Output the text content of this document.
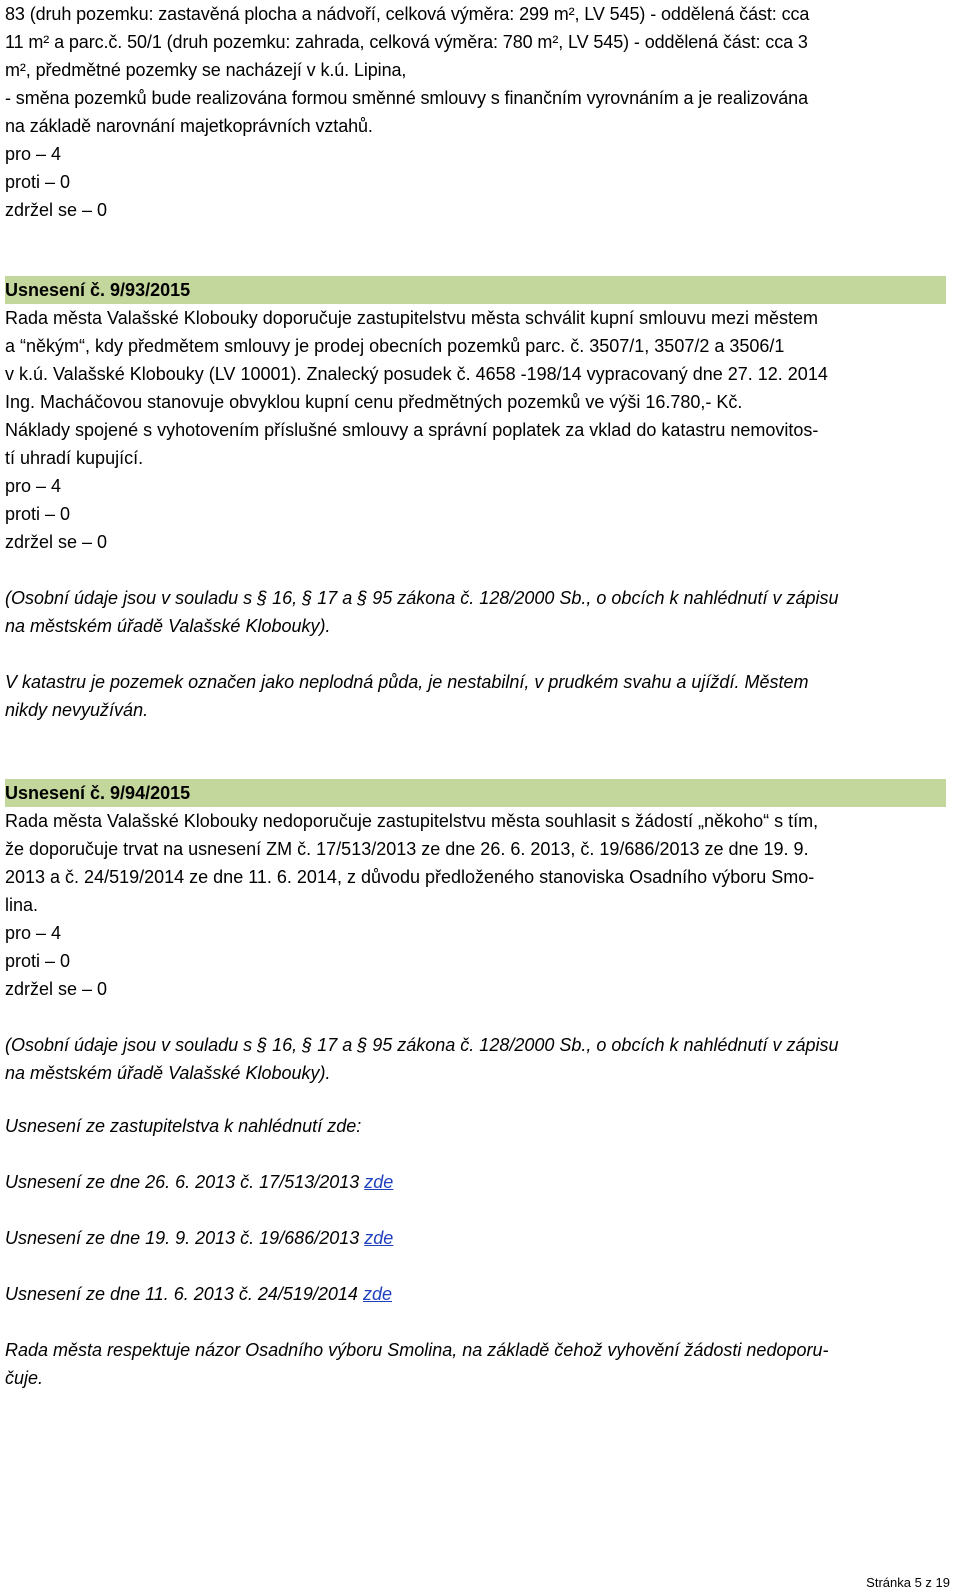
83 (druh pozemku: zastavěná plocha a nádvoří, celková výměra: 299 m², LV 545) - oddělená část: cca
11 m² a parc.č. 50/1 (druh pozemku: zahrada, celková výměra: 780 m², LV 545) - oddělená část: cca 3
m², předmětné pozemky se nacházejí v k.ú. Lipina,
- směna pozemků bude realizována formou směnné smlouvy s finančním vyrovnáním a je realizována
na základě narovnání majetkoprávních vztahů.
pro – 4
proti – 0
zdržel se – 0
Usnesení č. 9/93/2015
Rada města Valašské Klobouky doporučuje zastupitelstvu města schválit kupní smlouvu mezi městem
a “někým“, kdy předmětem smlouvy je prodej obecních pozemků parc. č. 3507/1, 3507/2 a 3506/1
v k.ú. Valašské Klobouky (LV 10001). Znalecký posudek č. 4658 -198/14 vypracovaný dne 27. 12. 2014
Ing. Macháčovou stanovuje obvyklou kupní cenu předmětných pozemků ve výši 16.780,- Kč.
Náklady spojené s vyhotovením příslušné smlouvy a správní poplatek za vklad do katastru nemovitos-
tí uhradí kupující.
pro – 4
proti – 0
zdržel se – 0
(Osobní údaje jsou v souladu s § 16, § 17 a § 95 zákona č. 128/2000 Sb., o obcích k nahlédnutí v zápisu
na městském úřadě Valašské Klobouky).
V katastru je pozemek označen jako neplodná půda, je nestabilní, v prudkém svahu a ujíždí. Městem
nikdy nevyužíván.
Usnesení č. 9/94/2015
Rada města Valašské Klobouky nedoporučuje zastupitelstvu města souhlasit s žádostí „někoho“ s tím,
že doporučuje trvat na usnesení ZM č. 17/513/2013 ze dne 26. 6. 2013, č. 19/686/2013 ze dne 19. 9.
2013 a č. 24/519/2014 ze dne 11. 6. 2014, z důvodu předloženého stanoviska Osadního výboru Smo-
lina.
pro – 4
proti – 0
zdržel se – 0
(Osobní údaje jsou v souladu s § 16, § 17 a § 95 zákona č. 128/2000 Sb., o obcích k nahlédnutí v zápisu
na městském úřadě Valašské Klobouky).
Usnesení ze zastupitelstva k nahlédnutí zde:
Usnesení ze dne 26. 6. 2013 č. 17/513/2013 zde
Usnesení ze dne 19. 9. 2013 č. 19/686/2013 zde
Usnesení ze dne 11. 6. 2013 č. 24/519/2014 zde
Rada města respektuje názor Osadního výboru Smolina, na základě čehož vyhovění žádosti nedoporu-
čuje.
Stránka 5 z 19
